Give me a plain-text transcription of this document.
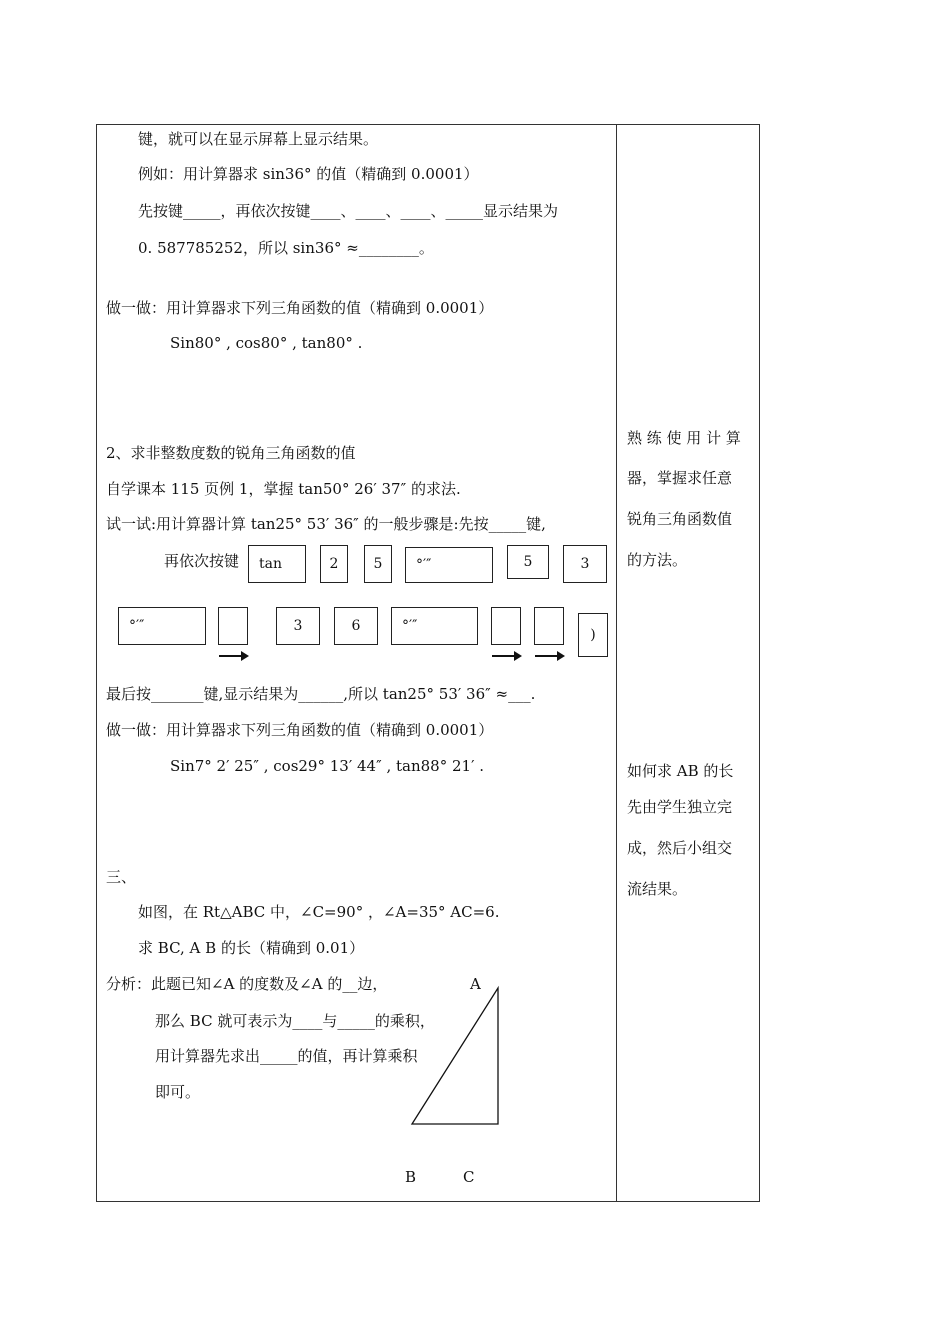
键，就可以在显示屏幕上显示结果。
例如：用计算器求 sin36° 的值（精确到 0.0001）
先按键_____，再依次按键____、____、____、_____显示结果为
0. 587785252，所以 sin36° ≈________。
做一做：用计算器求下列三角函数的值（精确到 0.0001）
Sin80° , cos80° , tan80° .
2、求非整数度数的锐角三角函数的值
自学课本 115 页例 1，掌握 tan50° 26′ 37″ 的求法.
试一试:用计算器计算 tan25° 53′ 36″ 的一般步骤是:先按_____键,
再依次按键	tan	2	5	°′″	5	3
°′″	3	6	°′″
)
最后按_______键,显示结果为______,所以 tan25° 53′ 36″ ≈___.
做一做：用计算器求下列三角函数的值（精确到 0.0001）
Sin7° 2′ 25″ , cos29° 13′ 44″ , tan88° 21′ .
三、
如图，在 Rt△ABC 中，∠C=90° ，∠A=35° AC=6.
求 BC, A B 的长（精确到 0.01）
分析：此题已知∠A 的度数及∠A 的__边，
那么 BC 就可表示为____与_____的乘积，
用计算器先求出_____的值，再计算乘积
即可。
A
B	C
熟 练 使 用 计 算
器，掌握求任意
锐角三角函数值
的方法。
如何求 AB 的长
先由学生独立完
成，然后小组交
流结果。
